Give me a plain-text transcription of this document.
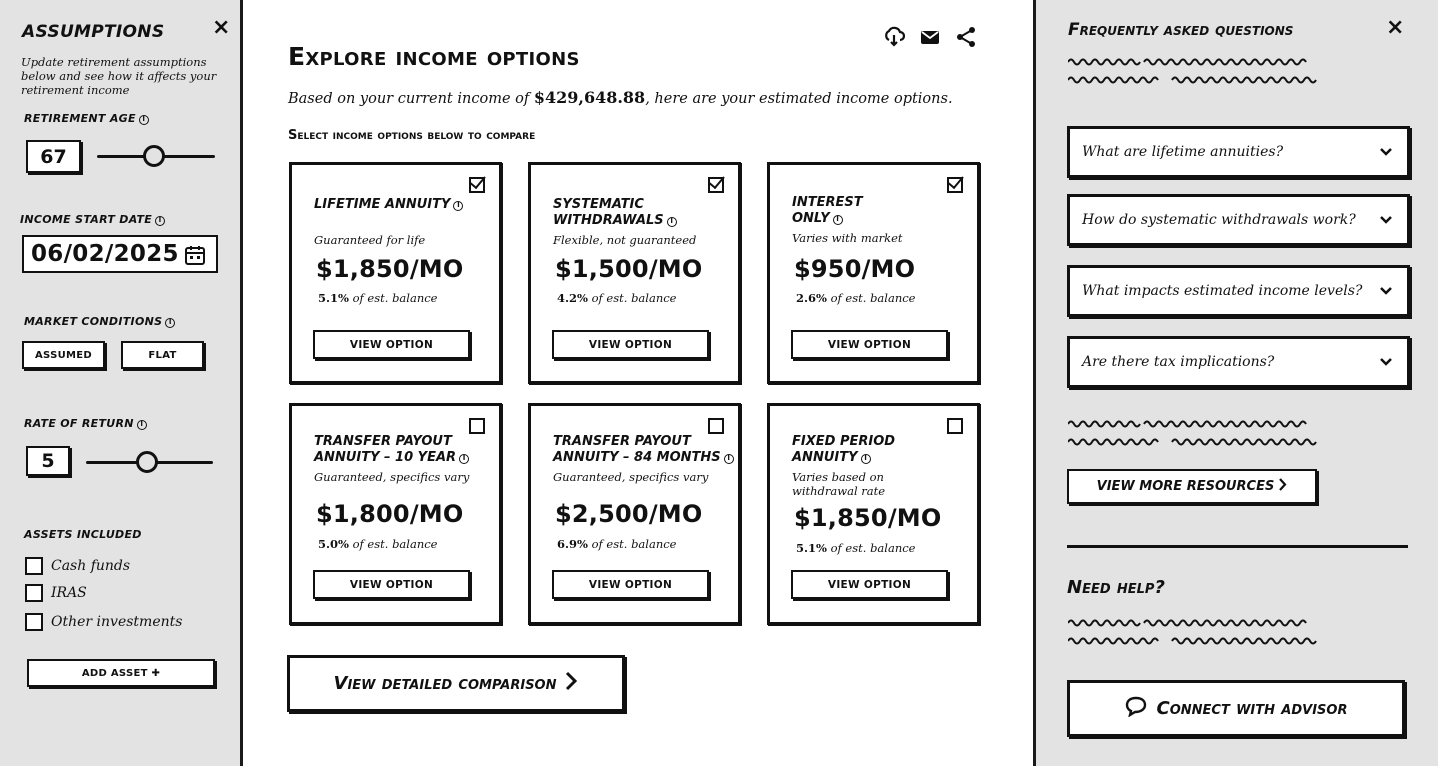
ASSUMPTIONS ×
Update retirement assumptions below and see how it affects your retirement income
RETIREMENT AGE I
67
INCOME START DATE I
06/02/2025
MARKET CONDITIONS I
ASSUMED	FLAT
RATE OF RETURN I
5
ASSETS INCLUDED
Cash funds
IRAS
Other investments
ADD ASSET ✚
Explore income options
Based on your current income of $429,648.88, here are your estimated income options.
Select income options below to compare
LIFETIME ANNUITY I
Guaranteed for life
$1,850/MO
5.1% of est. balance
VIEW OPTION
SYSTEMATIC WITHDRAWALS I
Flexible, not guaranteed
$1,500/MO
4.2% of est. balance
VIEW OPTION
INTEREST ONLY I
Varies with market
$950/MO
2.6% of est. balance
VIEW OPTION
TRANSFER PAYOUT ANNUITY – 10 YEAR I
Guaranteed, specifics vary
$1,800/MO
5.0% of est. balance
VIEW OPTION
TRANSFER PAYOUT ANNUITY – 84 MONTHS I
Guaranteed, specifics vary
$2,500/MO
6.9% of est. balance
VIEW OPTION
FIXED PERIOD ANNUITY I
Varies based on withdrawal rate
$1,850/MO
5.1% of est. balance
VIEW OPTION
View detailed comparison
Frequently asked questions	×
What are lifetime annuities?
How do systematic withdrawals work?
What impacts estimated income levels?
Are there tax implications?
VIEW MORE RESOURCES
Need help?
Connect with advisor
